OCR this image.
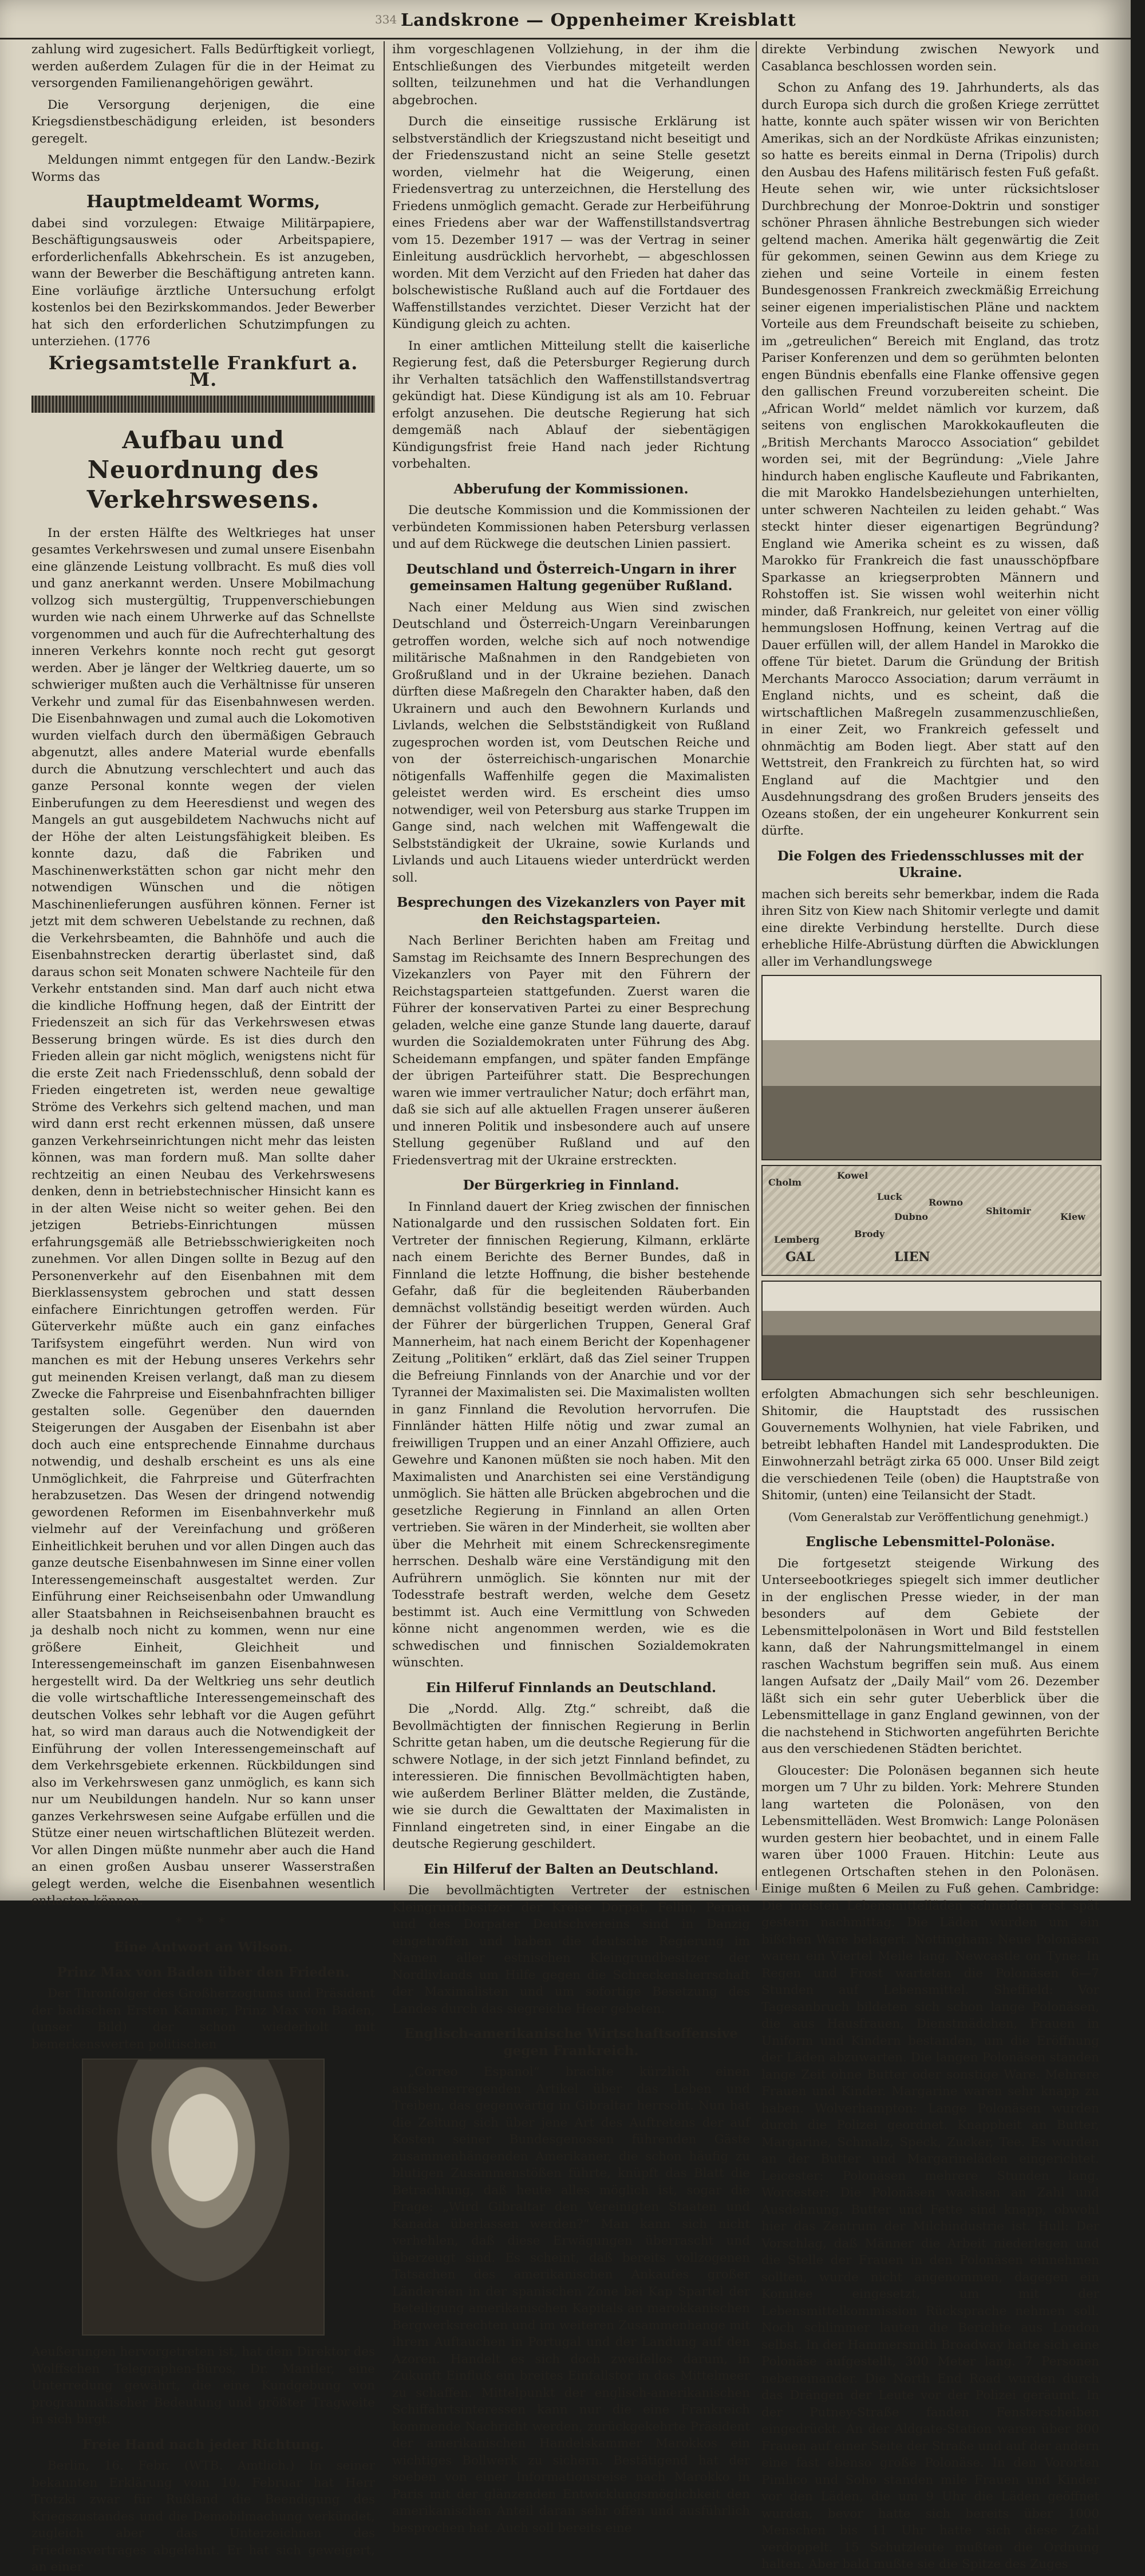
334 Landskrone — Oppenheimer Kreisblatt

zahlung wird zugesichert. Falls Bedürftigkeit vorliegt, werden außerdem Zulagen für die in der Heimat zu versorgenden Familienangehörigen gewährt.

Die Versorgung derjenigen, die eine Kriegsdienstbeschädigung erleiden, ist besonders geregelt.

Meldungen nimmt entgegen für den Landw.-Bezirk Worms das

Hauptmeldeamt Worms,

dabei sind vorzulegen: Etwaige Militärpapiere, Beschäftigungsausweis oder Arbeitspapiere, erforderlichenfalls Abkehrschein. Es ist anzugeben, wann der Bewerber die Beschäftigung antreten kann. Eine vorläufige ärztliche Untersuchung erfolgt kostenlos bei den Bezirkskommandos. Jeder Bewerber hat sich den erforderlichen Schutzimpfungen zu unterziehen. (1776

Kriegsamtstelle Frankfurt a. M.
Aufbau und Neuordnung des Verkehrswesens.

In der ersten Hälfte des Weltkrieges hat unser gesamtes Verkehrswesen und zumal unsere Eisenbahn eine glänzende Leistung vollbracht. Es muß dies voll und ganz anerkannt werden. Unsere Mobilmachung vollzog sich mustergültig, Truppenverschiebungen wurden wie nach einem Uhrwerke auf das Schnellste vorgenommen und auch für die Aufrechterhaltung des inneren Verkehrs konnte noch recht gut gesorgt werden. Aber je länger der Weltkrieg dauerte, um so schwieriger mußten auch die Verhältnisse für unseren Verkehr und zumal für das Eisenbahnwesen werden. Die Eisenbahnwagen und zumal auch die Lokomotiven wurden vielfach durch den übermäßigen Gebrauch abgenutzt, alles andere Material wurde ebenfalls durch die Abnutzung verschlechtert und auch das ganze Personal konnte wegen der vielen Einberufungen zu dem Heeresdienst und wegen des Mangels an gut ausgebildetem Nachwuchs nicht auf der Höhe der alten Leistungsfähigkeit bleiben. Es konnte dazu, daß die Fabriken und Maschinenwerkstätten schon gar nicht mehr den notwendigen Wünschen und die nötigen Maschinenlieferungen ausführen können. Ferner ist jetzt mit dem schweren Uebelstande zu rechnen, daß die Verkehrsbeamten, die Bahnhöfe und auch die Eisenbahnstrecken derartig überlastet sind, daß daraus schon seit Monaten schwere Nachteile für den Verkehr entstanden sind. Man darf auch nicht etwa die kindliche Hoffnung hegen, daß der Eintritt der Friedenszeit an sich für das Verkehrswesen etwas Besserung bringen würde. Es ist dies durch den Frieden allein gar nicht möglich, wenigstens nicht für die erste Zeit nach Friedensschluß, denn sobald der Frieden eingetreten ist, werden neue gewaltige Ströme des Verkehrs sich geltend machen, und man wird dann erst recht erkennen müssen, daß unsere ganzen Verkehrseinrichtungen nicht mehr das leisten können, was man fordern muß. Man sollte daher rechtzeitig an einen Neubau des Verkehrswesens denken, denn in betriebstechnischer Hinsicht kann es in der alten Weise nicht so weiter gehen. Bei den jetzigen Betriebs-Einrichtungen müssen erfahrungsgemäß alle Betriebsschwierigkeiten noch zunehmen. Vor allen Dingen sollte in Bezug auf den Personenverkehr auf den Eisenbahnen mit dem Bierklassensystem gebrochen und statt dessen einfachere Einrichtungen getroffen werden. Für Güterverkehr müßte auch ein ganz einfaches Tarifsystem eingeführt werden. Nun wird von manchen es mit der Hebung unseres Verkehrs sehr gut meinenden Kreisen verlangt, daß man zu diesem Zwecke die Fahrpreise und Eisenbahnfrachten billiger gestalten solle. Gegenüber den dauernden Steigerungen der Ausgaben der Eisenbahn ist aber doch auch eine entsprechende Einnahme durchaus notwendig, und deshalb erscheint es uns als eine Unmöglichkeit, die Fahrpreise und Güterfrachten herabzusetzen. Das Wesen der dringend notwendig gewordenen Reformen im Eisenbahnverkehr muß vielmehr auf der Vereinfachung und größeren Einheitlichkeit beruhen und vor allen Dingen auch das ganze deutsche Eisenbahnwesen im Sinne einer vollen Interessengemeinschaft ausgestaltet werden. Zur Einführung einer Reichseisenbahn oder Umwandlung aller Staatsbahnen in Reichseisenbahnen braucht es ja deshalb noch nicht zu kommen, wenn nur eine größere Einheit, Gleichheit und Interessengemeinschaft im ganzen Eisenbahnwesen hergestellt wird. Da der Weltkrieg uns sehr deutlich die volle wirtschaftliche Interessengemeinschaft des deutschen Volkes sehr lebhaft vor die Augen geführt hat, so wird man daraus auch die Notwendigkeit der Einführung der vollen Interessengemeinschaft auf dem Verkehrsgebiete erkennen. Rückbildungen sind also im Verkehrswesen ganz unmöglich, es kann sich nur um Neubildungen handeln. Nur so kann unser ganzes Verkehrswesen seine Aufgabe erfüllen und die Stütze einer neuen wirtschaftlichen Blütezeit werden. Vor allen Dingen müßte nunmehr aber auch die Hand an einen großen Ausbau unserer Wasserstraßen gelegt werden, welche die Eisenbahnen wesentlich entlasten können.

* * *
Eine Antwort an Wilson.
Prinz Max von Baden über den Frieden.

Der Thronfolger des Großherzogtums und Präsident der badischen Ersten Kammer, Prinz Max von Baden, (unser Bild) der schon wiederholt mit bemerkenswerten politischen

Aeußerungen hervorgetreten ist, hat dem Direktor des Wolffschen Telegraphen-Büros, Dr. Mantler, eine Unterredung gewährt, die eine Kundgebung von programmatischer Bedeutung und größter Tragweite in sich birgt.

Freie Hand nach jeder Richtung.

Berlin, 16. Febr. (WTB. Amtlich.) In seiner bekannten Erklärung vom 10. Februar hat Herr Trotzki zwar für Rußland die Beendigung des Kriegszustandes und die Demobilmachung verkündet, zugleich aber das Unterzeichnen des Friedensvertrages abgelehnt. Er hat sich geweigert, an einer

ihm vorgeschlagenen Vollziehung, in der ihm die Entschließungen des Vierbundes mitgeteilt werden sollten, teilzunehmen und hat die Verhandlungen abgebrochen.

Durch die einseitige russische Erklärung ist selbstverständlich der Kriegszustand nicht beseitigt und der Friedenszustand nicht an seine Stelle gesetzt worden, vielmehr hat die Weigerung, einen Friedensvertrag zu unterzeichnen, die Herstellung des Friedens unmöglich gemacht. Gerade zur Herbeiführung eines Friedens aber war der Waffenstillstandsvertrag vom 15. Dezember 1917 — was der Vertrag in seiner Einleitung ausdrücklich hervorhebt, — abgeschlossen worden. Mit dem Verzicht auf den Frieden hat daher das bolschewistische Rußland auch auf die Fortdauer des Waffenstillstandes verzichtet. Dieser Verzicht hat der Kündigung gleich zu achten.

In einer amtlichen Mitteilung stellt die kaiserliche Regierung fest, daß die Petersburger Regierung durch ihr Verhalten tatsächlich den Waffenstillstandsvertrag gekündigt hat. Diese Kündigung ist als am 10. Februar erfolgt anzusehen. Die deutsche Regierung hat sich demgemäß nach Ablauf der siebentägigen Kündigungsfrist freie Hand nach jeder Richtung vorbehalten.

Abberufung der Kommissionen.

Die deutsche Kommission und die Kommissionen der verbündeten Kommissionen haben Petersburg verlassen und auf dem Rückwege die deutschen Linien passiert.

Deutschland und Österreich-Ungarn in ihrer gemeinsamen Haltung gegenüber Rußland.

Nach einer Meldung aus Wien sind zwischen Deutschland und Österreich-Ungarn Vereinbarungen getroffen worden, welche sich auf noch notwendige militärische Maßnahmen in den Randgebieten von Großrußland und in der Ukraine beziehen. Danach dürften diese Maßregeln den Charakter haben, daß den Ukrainern und auch den Bewohnern Kurlands und Livlands, welchen die Selbstständigkeit von Rußland zugesprochen worden ist, vom Deutschen Reiche und von der österreichisch-ungarischen Monarchie nötigenfalls Waffenhilfe gegen die Maximalisten geleistet werden wird. Es erscheint dies umso notwendiger, weil von Petersburg aus starke Truppen im Gange sind, nach welchen mit Waffengewalt die Selbstständigkeit der Ukraine, sowie Kurlands und Livlands und auch Litauens wieder unterdrückt werden soll.

Besprechungen des Vizekanzlers von Payer mit den Reichstagsparteien.

Nach Berliner Berichten haben am Freitag und Samstag im Reichsamte des Innern Besprechungen des Vizekanzlers von Payer mit den Führern der Reichstagsparteien stattgefunden. Zuerst waren die Führer der konservativen Partei zu einer Besprechung geladen, welche eine ganze Stunde lang dauerte, darauf wurden die Sozialdemokraten unter Führung des Abg. Scheidemann empfangen, und später fanden Empfänge der übrigen Parteiführer statt. Die Besprechungen waren wie immer vertraulicher Natur; doch erfährt man, daß sie sich auf alle aktuellen Fragen unserer äußeren und inneren Politik und insbesondere auch auf unsere Stellung gegenüber Rußland und auf den Friedensvertrag mit der Ukraine erstreckten.

Der Bürgerkrieg in Finnland.

In Finnland dauert der Krieg zwischen der finnischen Nationalgarde und den russischen Soldaten fort. Ein Vertreter der finnischen Regierung, Kilmann, erklärte nach einem Berichte des Berner Bundes, daß in Finnland die letzte Hoffnung, die bisher bestehende Gefahr, daß für die begleitenden Räuberbanden demnächst vollständig beseitigt werden würden. Auch der Führer der bürgerlichen Truppen, General Graf Mannerheim, hat nach einem Bericht der Kopenhagener Zeitung „Politiken“ erklärt, daß das Ziel seiner Truppen die Befreiung Finnlands von der Anarchie und vor der Tyrannei der Maximalisten sei. Die Maximalisten wollten in ganz Finnland die Revolution hervorrufen. Die Finnländer hätten Hilfe nötig und zwar zumal an freiwilligen Truppen und an einer Anzahl Offiziere, auch Gewehre und Kanonen müßten sie noch haben. Mit den Maximalisten und Anarchisten sei eine Verständigung unmöglich. Sie hätten alle Brücken abgebrochen und die gesetzliche Regierung in Finnland an allen Orten vertrieben. Sie wären in der Minderheit, sie wollten aber über die Mehrheit mit einem Schreckensregimente herrschen. Deshalb wäre eine Verständigung mit den Aufrührern unmöglich. Sie könnten nur mit der Todesstrafe bestraft werden, welche dem Gesetz bestimmt ist. Auch eine Vermittlung von Schweden könne nicht angenommen werden, wie es die schwedischen und finnischen Sozialdemokraten wünschten.

Ein Hilferuf Finnlands an Deutschland.

Die „Nordd. Allg. Ztg.“ schreibt, daß die Bevollmächtigten der finnischen Regierung in Berlin Schritte getan haben, um die deutsche Regierung für die schwere Notlage, in der sich jetzt Finnland befindet, zu interessieren. Die finnischen Bevollmächtigten haben, wie außerdem Berliner Blätter melden, die Zustände, wie sie durch die Gewalttaten der Maximalisten in Finnland eingetreten sind, in einer Eingabe an die deutsche Regierung geschildert.

Ein Hilferuf der Balten an Deutschland.

Die bevollmächtigten Vertreter der estnischen Kleingrundbesitzer der Kreise Dorpat, Fellin, Pernau und des Dorpater Deutschvereins sind in Danzig eingetroffen und haben die deutsche Regierung im Namen aller estnischen Kleingrundbesitzer der Nordlivlands um Hilfe gegen die Schreckensherrschaft der Maximalisten und um sofortige Besetzung des Landes durch das siegreiche Heer gebeten.

Englisch-amerikanische Wirtschaftsoffensive gegen Frankreich.

„Correo Espanol“ brachte kürzlich einen aufsehenerregenden Artikel über das Leben und Treiben, das gegenwärtig in Gibraltar herrscht. Nun hat die Zeitung sich über jene Art des Auftretens der auf Kosten seiner Bundesgenossen führenden Gäste zusammenhängenden Amerikaner, die schon häufig zu blutigen Zusammenstößen führte, knüpft das Blatt die Betrachtung, daß heute alles möglich ist, sogar die Frage: „Wird Gibraltar den Vereinigten Staaten und Kanada überlassen werden?“ Man kann sich nicht verhehlen, daß diese Erwägungen überrascht und überzeugt sind. Es scheint, daß bereits vollzogenen Tatsachen des amerikanischen Ankaufes großer Ländereien in der spanischen Zone bei Kap Spartel der Beteiligung amerikanischen Kapitals an marokkanischen Bergwerksrechten und im weiteren Zusammenhange mit ihrem Auftauchen in Portugal und der Landung auf den Azoren. Handelt es sich doch zweifellos darum, in Zukunft Einfluß ein breites Einfallstor in das Mittelmeer zu schaffen. Mittelpunkt der englisch-amerikanischen Schiffahrtsinteressen kann nur die eine Frankreich kommende Nachricht werden, zurückgekehrte Präsident der amerikanischen Handelskammer Marokkos ein wichtiges Bollwerk zu sichern. Bestätigend hat der soeben von einer Informationsreise nach Marokko in Paris mit der glänzenden Entwicklungsmöglichkeit den amerikanischen Anteil daran sehr offen und ausführlich besprochen hat. Auch soll bereits eine

direkte Verbindung zwischen Newyork und Casablanca beschlossen worden sein.

Schon zu Anfang des 19. Jahrhunderts, als das durch Europa sich durch die großen Kriege zerrüttet hatte, konnte auch später wissen wir von Berichten Amerikas, sich an der Nordküste Afrikas einzunisten; so hatte es bereits einmal in Derna (Tripolis) durch den Ausbau des Hafens militärisch festen Fuß gefaßt. Heute sehen wir, wie unter rücksichtsloser Durchbrechung der Monroe-Doktrin und sonstiger schöner Phrasen ähnliche Bestrebungen sich wieder geltend machen. Amerika hält gegenwärtig die Zeit für gekommen, seinen Gewinn aus dem Kriege zu ziehen und seine Vorteile in einem festen Bundesgenossen Frankreich zweckmäßig Erreichung seiner eigenen imperialistischen Pläne und nacktem Vorteile aus dem Freundschaft beiseite zu schieben, im „getreulichen“ Bereich mit England, das trotz Pariser Konferenzen und dem so gerühmten belonten engen Bündnis ebenfalls eine Flanke offensive gegen den gallischen Freund vorzubereiten scheint. Die „African World“ meldet nämlich vor kurzem, daß seitens von englischen Marokkokaufleuten die „British Merchants Marocco Association“ gebildet worden sei, mit der Begründung: „Viele Jahre hindurch haben englische Kaufleute und Fabrikanten, die mit Marokko Handelsbeziehungen unterhielten, unter schweren Nachteilen zu leiden gehabt.“ Was steckt hinter dieser eigenartigen Begründung? England wie Amerika scheint es zu wissen, daß Marokko für Frankreich die fast unausschöpfbare Sparkasse an kriegserprobten Männern und Rohstoffen ist. Sie wissen wohl weiterhin nicht minder, daß Frankreich, nur geleitet von einer völlig hemmungslosen Hoffnung, keinen Vertrag auf die Dauer erfüllen will, der allem Handel in Marokko die offene Tür bietet. Darum die Gründung der British Merchants Marocco Association; darum verräumt in England nichts, und es scheint, daß die wirtschaftlichen Maßregeln zusammenzuschließen, in einer Zeit, wo Frankreich gefesselt und ohnmächtig am Boden liegt. Aber statt auf den Wettstreit, den Frankreich zu fürchten hat, so wird England auf die Machtgier und den Ausdehnungsdrang des großen Bruders jenseits des Ozeans stoßen, der ein ungeheurer Konkurrent sein dürfte.

Die Folgen des Friedensschlusses mit der Ukraine.

machen sich bereits sehr bemerkbar, indem die Rada ihren Sitz von Kiew nach Shitomir verlegte und damit eine direkte Verbindung herstellte. Durch diese erhebliche Hilfe-Abrüstung dürften die Abwicklungen aller im Verhandlungswege

Cholm
Kowel
Luck
Rowno
Dubno
Shitomir
Kiew
Lemberg
Brody
GAL	LIEN

erfolgten Abmachungen sich sehr beschleunigen. Shitomir, die Hauptstadt des russischen Gouvernements Wolhynien, hat viele Fabriken, und betreibt lebhaften Handel mit Landesprodukten. Die Einwohnerzahl beträgt zirka 65 000. Unser Bild zeigt die verschiedenen Teile (oben) die Hauptstraße von Shitomir, (unten) eine Teilansicht der Stadt.

(Vom Generalstab zur Veröffentlichung genehmigt.)

Englische Lebensmittel-Polonäse.

Die fortgesetzt steigende Wirkung des Unterseebootkrieges spiegelt sich immer deutlicher in der englischen Presse wieder, in der man besonders auf dem Gebiete der Lebensmittelpolonäsen in Wort und Bild feststellen kann, daß der Nahrungsmittelmangel in einem raschen Wachstum begriffen sein muß. Aus einem langen Aufsatz der „Daily Mail“ vom 26. Dezember läßt sich ein sehr guter Ueberblick über die Lebensmittellage in ganz England gewinnen, von der die nachstehend in Stichworten angeführten Berichte aus den verschiedenen Städten berichtet.

Gloucester: Die Polonäsen begannen sich heute morgen um 7 Uhr zu bilden. York: Mehrere Stunden lang warteten die Polonäsen, von den Lebensmittelläden. West Bromwich: Lange Polonäsen wurden gestern hier beobachtet, und in einem Falle waren über 1000 Frauen. Hitchin: Leute aus entlegenen Ortschaften stehen in den Polonäsen. Einige mußten 6 Meilen zu Fuß gehen. Cambridge: Die meisten Lebensmittelläden schneiden erst spät gestern nachmittag. Die Läden wurden um ein bißchen Ware belagert. Nottingham: Neue Polonäsen waren ein Viertel Meile lang. Newcastle on Tyne: In Regen und Frost warteten die Polonäsen 6—7 Stunden auf Lebensmittel. Sheffield: Vor Tagesanbruch bildeten sich schon lange Polonäsen, die aus Hausfrauen, Dienstmädchen, Frauen in Uniform und Kindern bestanden, um die Eröffnung der Läden abzuwarten. Die langen Polonäsen standen lange Zeit ohne Butter oder sonstige Ware. Mehrere Frauen und Kinder. Margarine waren sehr knapp zu haben. Wolverhampton: Lange Polonäsen wurden durch die Polizei geordnet. Knappheit an Butter, Margarine, Schmalz, Speck, Zucker, Tee. Es wurden an der Butter und Margarineläden eingerichtet. Leicester: Polonäsen mehrere Stunden lang. Worcester: Die Polonäsen wachsen an Zahl und Ausdehnung. Butter und Fette sind knapp, obwohl hier das Zentrum der Milchindustrie ist. Hull: Der Vorschlag, daß Männer die Arbeit niederlegen und die Stelle der Frauen in den Polonäsen einnehmen sollten, wurde nicht angenommen, dagegen ein Komitee eingesetzt, um mit der Lebensmittelkommission Rücksprache nehmen soll. Noch schlimmer lauten die Berichte aus London selbst. In der Hammersmith Broadway hatte sich eine Polonäse aufgestellt, 300 Meter lang. 7 Personen nebeneinander. Die North End Road wurden durch das Drängen der Leute vor der Polizei geräumt. In der Putney-Straße fanden Fensterscheiben eingedrückt. An der Aldgate-Station waren über 800 Frauen auf einer Seite der Straße und auf der andern eine fast ebenso große Polonäse. In den Vororten Pimlico und Soho standen mile Frauen und Kinder vor den Läden, die um 9 Uhr die Läden geöffnet wurden, bevor hatte sich bereits über 1000 Menschen bis 11 Uhr hatte sich diese Zahl verdoppelt. 15 Schutzleute mußten die Ordnung halten. Aber bald mußte sie die Spitze des Zuges
